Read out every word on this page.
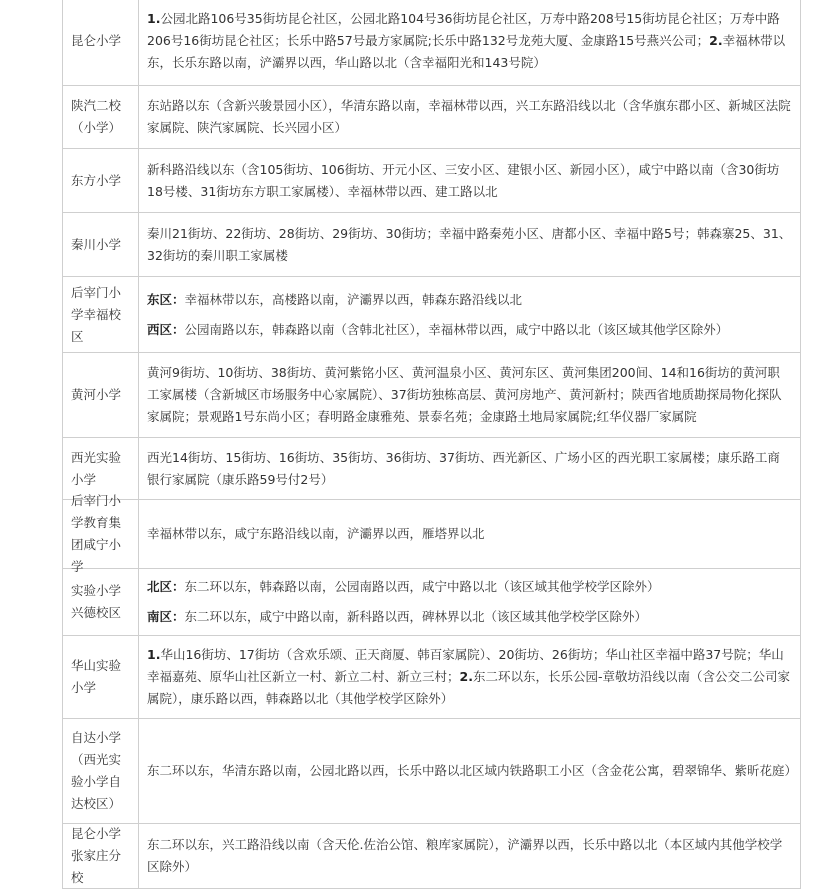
昆仑小学

1.公园北路106号35街坊昆仑社区，公园北路104号36街坊昆仑社区，万寿中路208号15街坊昆仑社区；万寿中路206号16街坊昆仑社区；长乐中路57号最方家属院;长乐中路132号龙苑大厦、金康路15号燕兴公司；2.幸福林带以东，长乐东路以南，浐灞界以西，华山路以北（含幸福阳光和143号院）

陕汽二校（小学）

东站路以东（含新兴骏景园小区），华清东路以南，幸福林带以西，兴工东路沿线以北（含华旗东郡小区、新城区法院家属院、陕汽家属院、长兴园小区）

东方小学

新科路沿线以东（含105街坊、106街坊、开元小区、三安小区、建银小区、新园小区），咸宁中路以南（含30街坊18号楼、31街坊东方职工家属楼）、幸福林带以西、建工路以北

秦川小学

秦川21街坊、22街坊、28街坊、29街坊、30街坊；幸福中路秦苑小区、唐都小区、幸福中路5号；韩森寨25、31、32街坊的秦川职工家属楼

后宰门小学幸福校区

东区：幸福林带以东，高楼路以南，浐灞界以西，韩森东路沿线以北

西区：公园南路以东，韩森路以南（含韩北社区），幸福林带以西，咸宁中路以北（该区域其他学区除外）

黄河小学

黄河9街坊、10街坊、38街坊、黄河紫铭小区、黄河温泉小区、黄河东区、黄河集团200间、14和16街坊的黄河职工家属楼（含新城区市场服务中心家属院）、37街坊独栋高层、黄河房地产、黄河新村；陕西省地质勘探局物化探队家属院；景观路1号东尚小区；春明路金康雅苑、景泰名苑；金康路土地局家属院;红华仪器厂家属院

西光实验小学

西光14街坊、15街坊、16街坊、35街坊、36街坊、37街坊、西光新区、广场小区的西光职工家属楼；康乐路工商银行家属院（康乐路59号付2号）

后宰门小学教育集团咸宁小学

幸福林带以东，咸宁东路沿线以南，浐灞界以西，雁塔界以北

实验小学兴德校区

北区：东二环以东，韩森路以南，公园南路以西，咸宁中路以北（该区域其他学校学区除外）

南区：东二环以东，咸宁中路以南，新科路以西，碑林界以北（该区域其他学校学区除外）

华山实验小学

1.华山16街坊、17街坊（含欢乐颂、正天商厦、韩百家属院）、20街坊、26街坊；华山社区幸福中路37号院；华山幸福嘉苑、原华山社区新立一村、新立二村、新立三村；2.东二环以东，长乐公园-章敬坊沿线以南（含公交二公司家属院），康乐路以西，韩森路以北（其他学校学区除外）

自达小学（西光实验小学自达校区）

东二环以东，华清东路以南，公园北路以西，长乐中路以北区域内铁路职工小区（含金花公寓，碧翠锦华、紫昕花庭）

昆仑小学张家庄分校

东二环以东，兴工路沿线以南（含天伦.佐治公馆、粮库家属院），浐灞界以西，长乐中路以北（本区域内其他学校学区除外）
